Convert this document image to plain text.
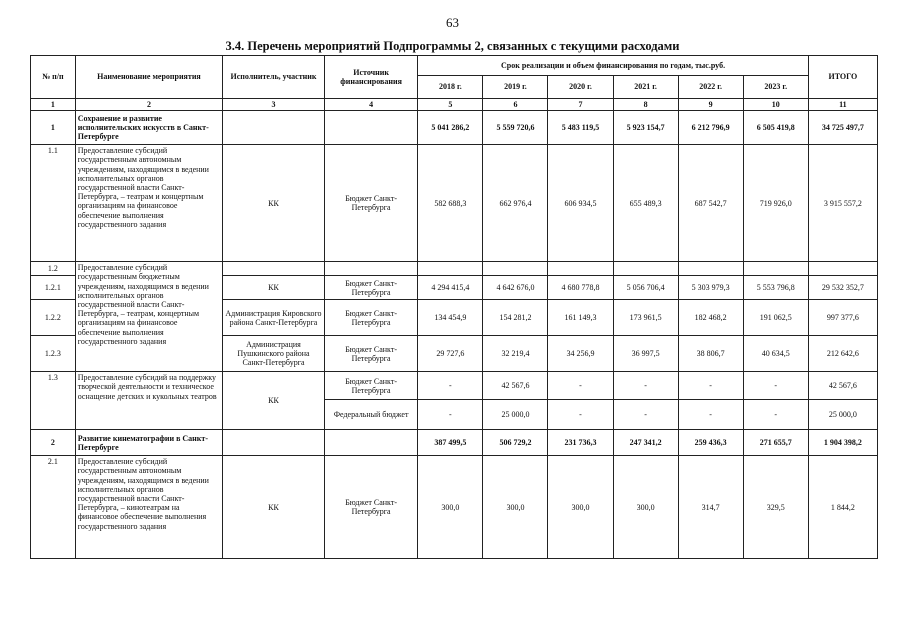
63
3.4. Перечень мероприятий Подпрограммы 2, связанных с текущими расходами
№ п/п	Наименование мероприятия	Исполнитель, участник	Источник финансирования	Срок реализации и объем финансирования по годам, тыс.руб.						ИТОГО
				2018 г.	2019 г.	2020 г.	2021 г.	2022 г.	2023 г.	
1	2	3	4	5	6	7	8	9	10	11
1	Сохранение и развитие исполнительских искусств в Санкт-Петербурге			5 041 286,2	5 559 720,6	5 483 119,5	5 923 154,7	6 212 796,9	6 505 419,8	34 725 497,7
1.1	Предоставление субсидий государственным автономным учреждениям, находящимся в ведении исполнительных органов государственной власти Санкт-Петербурга, – театрам и концертным организациям на финансовое обеспечение выполнения государственного задания	КК	Бюджет Санкт-Петербурга	582 688,3	662 976,4	606 934,5	655 489,3	687 542,7	719 926,0	3 915 557,2
1.2	Предоставление субсидий государственным бюджетным учреждениям, находящимся в ведении исполнительных органов государственной власти Санкт-Петербурга, – театрам, концертным организациям на финансовое обеспечение выполнения государственного задания									
1.2.1		КК	Бюджет Санкт-Петербурга	4 294 415,4	4 642 676,0	4 680 778,8	5 056 706,4	5 303 979,3	5 553 796,8	29 532 352,7
1.2.2		Администрация Кировского района Санкт-Петербурга	Бюджет Санкт-Петербурга	134 454,9	154 281,2	161 149,3	173 961,5	182 468,2	191 062,5	997 377,6
1.2.3		Администрация Пушкинского района Санкт-Петербурга	Бюджет Санкт-Петербурга	29 727,6	32 219,4	34 256,9	36 997,5	38 806,7	40 634,5	212 642,6
1.3	Предоставление субсидий на поддержку творческой деятельности и техническое оснащение детских и кукольных театров	КК	Бюджет Санкт-Петербурга	-	42 567,6	-	-	-	-	42 567,6
			Федеральный бюджет	-	25 000,0	-	-	-	-	25 000,0
2	Развитие кинематографии в Санкт-Петербурге			387 499,5	506 729,2	231 736,3	247 341,2	259 436,3	271 655,7	1 904 398,2
2.1	Предоставление субсидий государственным автономным учреждениям, находящимся в ведении исполнительных органов государственной власти Санкт-Петербурга, – кинотеатрам на финансовое обеспечение выполнения государственного задания	КК	Бюджет Санкт-Петербурга	300,0	300,0	300,0	300,0	314,7	329,5	1 844,2
